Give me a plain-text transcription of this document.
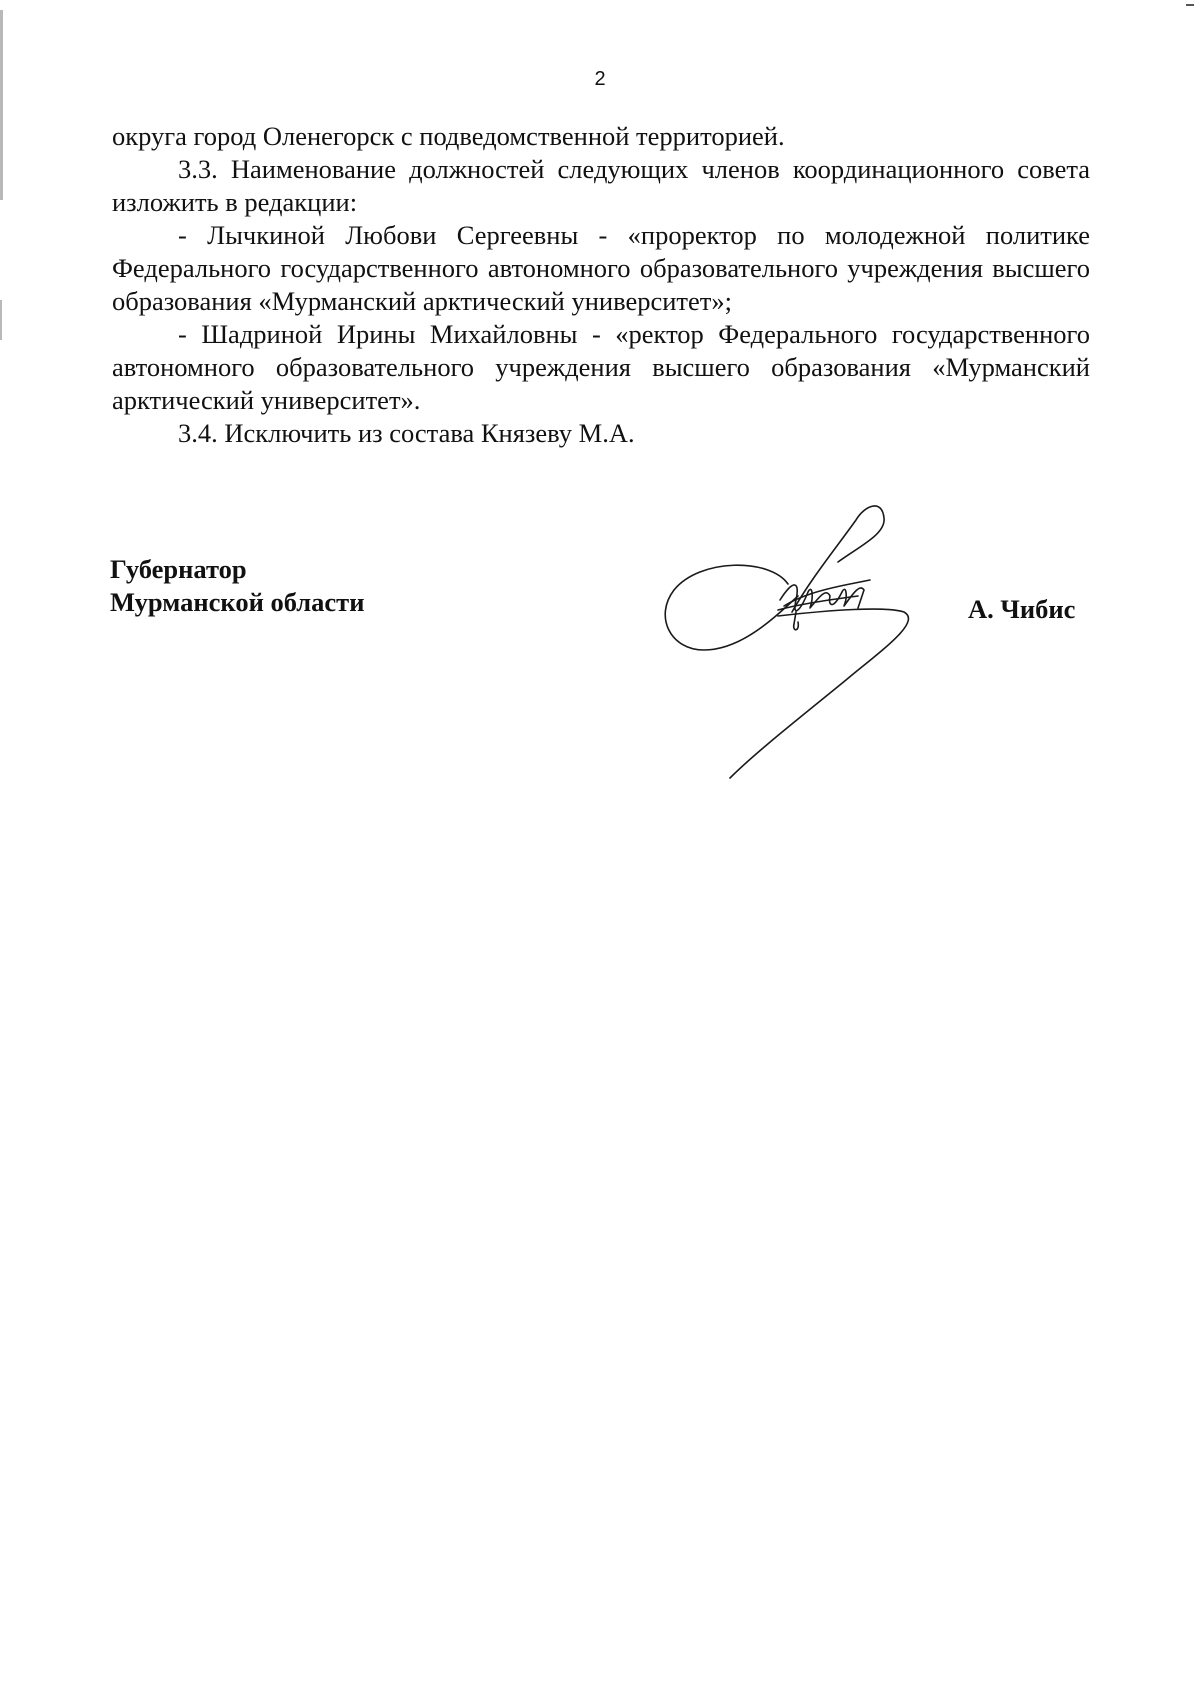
2

округа город Оленегорск с подведомственной территорией.

3.3. Наименование должностей следующих членов координационного совета изложить в редакции:

- Лычкиной Любови Сергеевны - «проректор по молодежной политике Федерального государственного автономного образовательного учреждения высшего образования «Мурманский арктический университет»;

- Шадриной Ирины Михайловны - «ректор Федерального государственного автономного образовательного учреждения высшего образования «Мурманский арктический университет».

3.4. Исключить из состава Князеву М.А.

Губернатор
Мурманской области	А. Чибис
